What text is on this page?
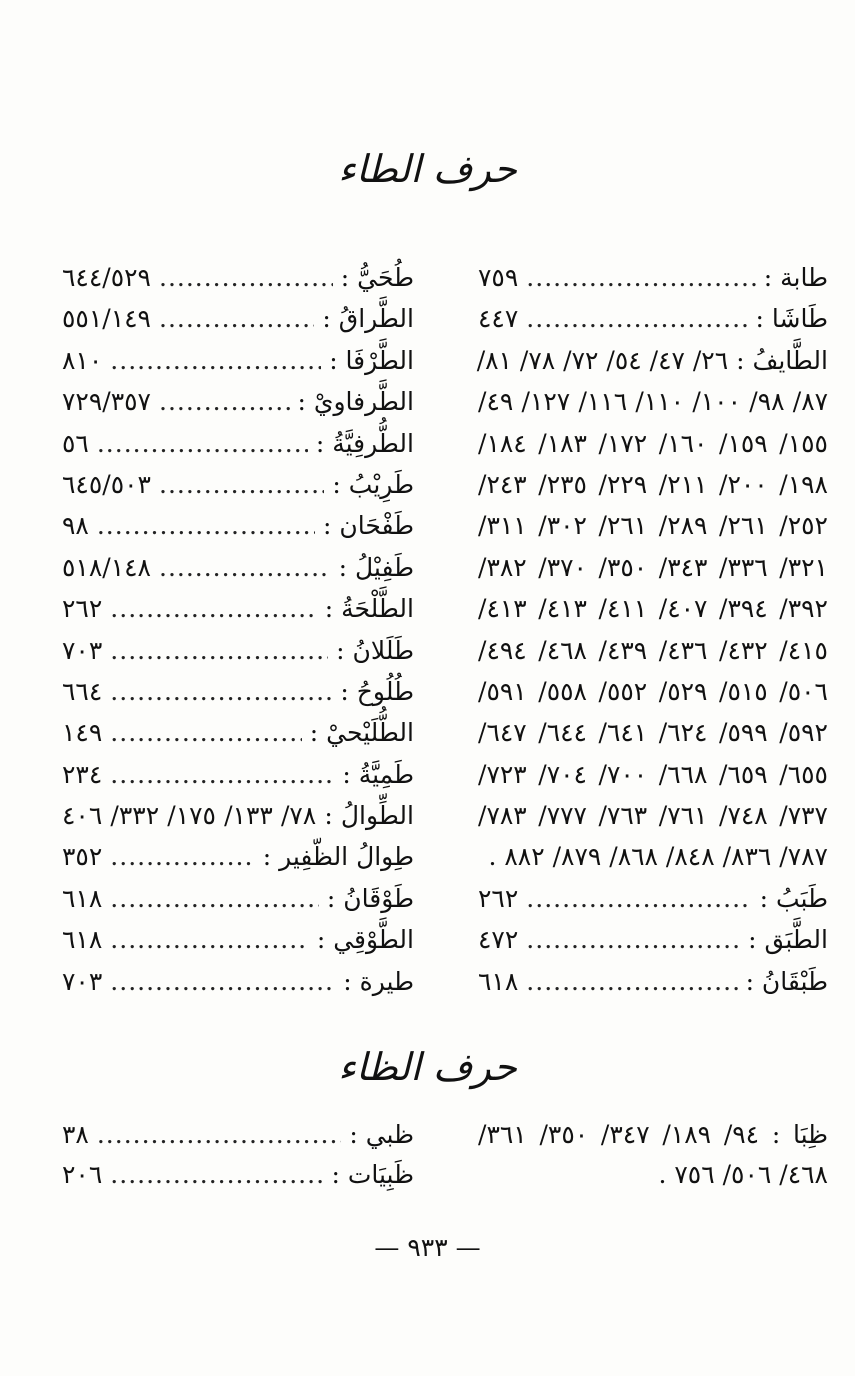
حرف الطاء
طابة :
.....
٧٥٩
طَاشَا :
.....
٤٤٧
الطَّايفُ : ٢٦/ ٤٧/ ٥٤/ ٧٢/ ٧٨/ ٨١/
٨٧/ ٩٨/ ١٠٠/ ١١٠/ ١١٦/ ١٢٧/ ٤٩/
١٥٥/ ١٥٩/ ١٦٠/ ١٧٢/ ١٨٣/ ١٨٤/
١٩٨/ ٢٠٠/ ٢١١/ ٢٢٩/ ٢٣٥/ ٢٤٣/
٢٥٢/ ٢٦١/ ٢٨٩/ ٢٦١/ ٣٠٢/ ٣١١/
٣٢١/ ٣٣٦/ ٣٤٣/ ٣٥٠/ ٣٧٠/ ٣٨٢/
٣٩٢/ ٣٩٤/ ٤٠٧/ ٤١١/ ٤١٣/ ٤١٣/
٤١٥/ ٤٣٢/ ٤٣٦/ ٤٣٩/ ٤٦٨/ ٤٩٤/
٥٠٦/ ٥١٥/ ٥٢٩/ ٥٥٢/ ٥٥٨/ ٥٩١/
٥٩٢/ ٥٩٩/ ٦٢٤/ ٦٤١/ ٦٤٤/ ٦٤٧/
٦٥٥/ ٦٥٩/ ٦٦٨/ ٧٠٠/ ٧٠٤/ ٧٢٣/
٧٣٧/ ٧٤٨/ ٧٦١/ ٧٦٣/ ٧٧٧/ ٧٨٣/
٧٨٧/ ٨٣٦/ ٨٤٨/ ٨٦٨/ ٨٧٩/ ٨٨٢ .
طَبَبُ :
.....
٢٦٢
الطَّبَق :
.....
٤٧٢
طَبْقَانُ :
.....
٦١٨
طُحَيُّ :
.....
٦٤٤/٥٢٩
الطَّراقُ :
.....
٥٥١/١٤٩
الطَّرْفَا :
.....
٨١٠
الطَّرفاويْ :
.....
٧٢٩/٣٥٧
الطُّرفِيَّةُ :
.....
٥٦
طَرِيْبُ :
.....
٦٤٥/٥٠٣
طَفْحَان :
.....
٩٨
طَفِيْلُ :
.....
٥١٨/١٤٨
الطَّلْحَةُ :
.....
٢٦٢
طَلَلانُ :
.....
٧٠٣
طُلُوحُ :
.....
٦٦٤
الطُّلَيْحيْ :
.....
١٤٩
طَمِيَّةُ :
.....
٢٣٤
الطِّوالُ : ٧٨/ ١٣٣/ ١٧٥/ ٣٣٢/ ٤٠٦
طِوالُ الظّفِير :
.....
٣٥٢
طَوْقَانُ :
.....
٦١٨
الطَّوْقِي :
.....
٦١٨
طيرة :
.....
٧٠٣
حرف الظاء
ظِبَا : ٩٤/ ١٨٩/ ٣٤٧/ ٣٥٠/ ٣٦١/
٤٦٨/ ٥٠٦/ ٧٥٦ .
ظبي :
.....
٣٨
ظَبِيَات :
.....
٢٠٦
— ٩٣٣ —
